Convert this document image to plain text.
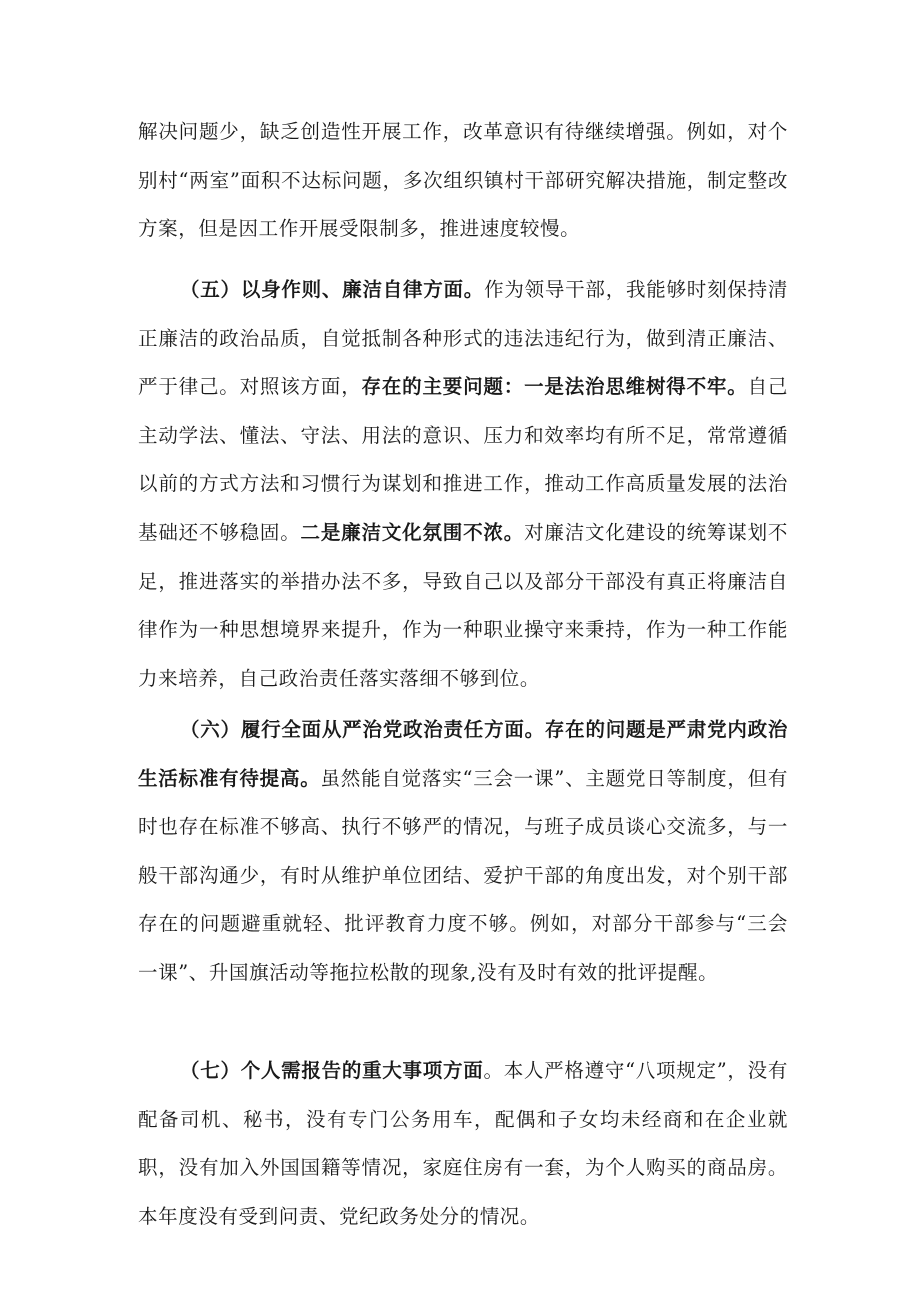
解决问题少，缺乏创造性开展工作，改革意识有待继续增强。例如，对个别村“两室”面积不达标问题，多次组织镇村干部研究解决措施，制定整改方案，但是因工作开展受限制多，推进速度较慢。

（五）以身作则、廉洁自律方面。作为领导干部，我能够时刻保持清正廉洁的政治品质，自觉抵制各种形式的违法违纪行为，做到清正廉洁、严于律己。对照该方面，存在的主要问题：一是法治思维树得不牢。自己主动学法、懂法、守法、用法的意识、压力和效率均有所不足，常常遵循以前的方式方法和习惯行为谋划和推进工作，推动工作高质量发展的法治基础还不够稳固。二是廉洁文化氛围不浓。对廉洁文化建设的统筹谋划不足，推进落实的举措办法不多，导致自己以及部分干部没有真正将廉洁自律作为一种思想境界来提升，作为一种职业操守来秉持，作为一种工作能力来培养，自己政治责任落实落细不够到位。

（六）履行全面从严治党政治责任方面。存在的问题是严肃党内政治生活标准有待提高。虽然能自觉落实“三会一课”、主题党日等制度，但有时也存在标准不够高、执行不够严的情况，与班子成员谈心交流多，与一般干部沟通少，有时从维护单位团结、爱护干部的角度出发，对个别干部存在的问题避重就轻、批评教育力度不够。例如，对部分干部参与“三会一课”、升国旗活动等拖拉松散的现象,没有及时有效的批评提醒。

（七）个人需报告的重大事项方面。本人严格遵守“八项规定”，没有配备司机、秘书，没有专门公务用车，配偶和子女均未经商和在企业就职，没有加入外国国籍等情况，家庭住房有一套，为个人购买的商品房。本年度没有受到问责、党纪政务处分的情况。
